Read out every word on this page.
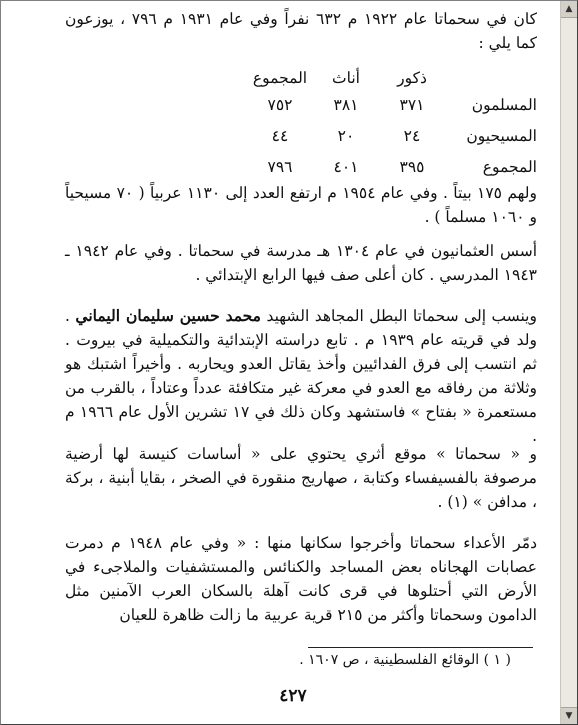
كان في سحماتا عام ١٩٢٢ م ٦٣٢ نفراً وفي عام ١٩٣١ م ٧٩٦ ، يوزعون كما يلي :

ذكور
أناث
المجموع
المسلمون
٣٧١
٣٨١
٧٥٢
المسيحيون
٢٤
٢٠
٤٤
المجموع
٣٩٥
٤٠١
٧٩٦

ولهم ١٧٥ بيتاً . وفي عام ١٩٥٤ م ارتفع العدد إلى ١١٣٠ عربياً ( ٧٠ مسيحياً و ١٠٦٠ مسلماً ) .

أسس العثمانيون في عام ١٣٠٤ هـ مدرسة في سحماتا . وفي عام ١٩٤٢ ـ ١٩٤٣ المدرسي . كان أعلى صف فيها الرابع الإبتدائي .

وينسب إلى سحماتا البطل المجاهد الشهيد محمد حسين سليمان اليماني . ولد في قريته عام ١٩٣٩ م . تابع دراسته الإبتدائية والتكميلية في بيروت . ثم انتسب إلى فرق الفدائيين وأخذ يقاتل العدو ويحاربه . وأخيراً اشتبك هو وثلاثة من رفاقه مع العدو في معركة غير متكافئة عدداً وعتاداً ، بالقرب من مستعمرة « بفتاح » فاستشهد وكان ذلك في ١٧ تشرين الأول عام ١٩٦٦ م .

و « سحماتا » موقع أثري يحتوي على « أساسات كنيسة لها أرضية مرصوفة بالفسيفساء وكتابة ، صهاريج منقورة في الصخر ، بقايا أبنية ، بركة ، مدافن » (١) .

دمّر الأعداء سحماتا وأخرجوا سكانها منها : « وفي عام ١٩٤٨ م دمرت عصابات الهجاناه بعض المساجد والكنائس والمستشفيات والملاجىء في الأرض التي أحتلوها في قرى كانت آهلة بالسكان العرب الآمنين مثل الدامون وسحماتا وأكثر من ٢١٥ قرية عربية ما زالت ظاهرة للعيان

( ١ ) الوقائع الفلسطينية ، ص ١٦٠٧ .
٤٢٧
▲
▼
